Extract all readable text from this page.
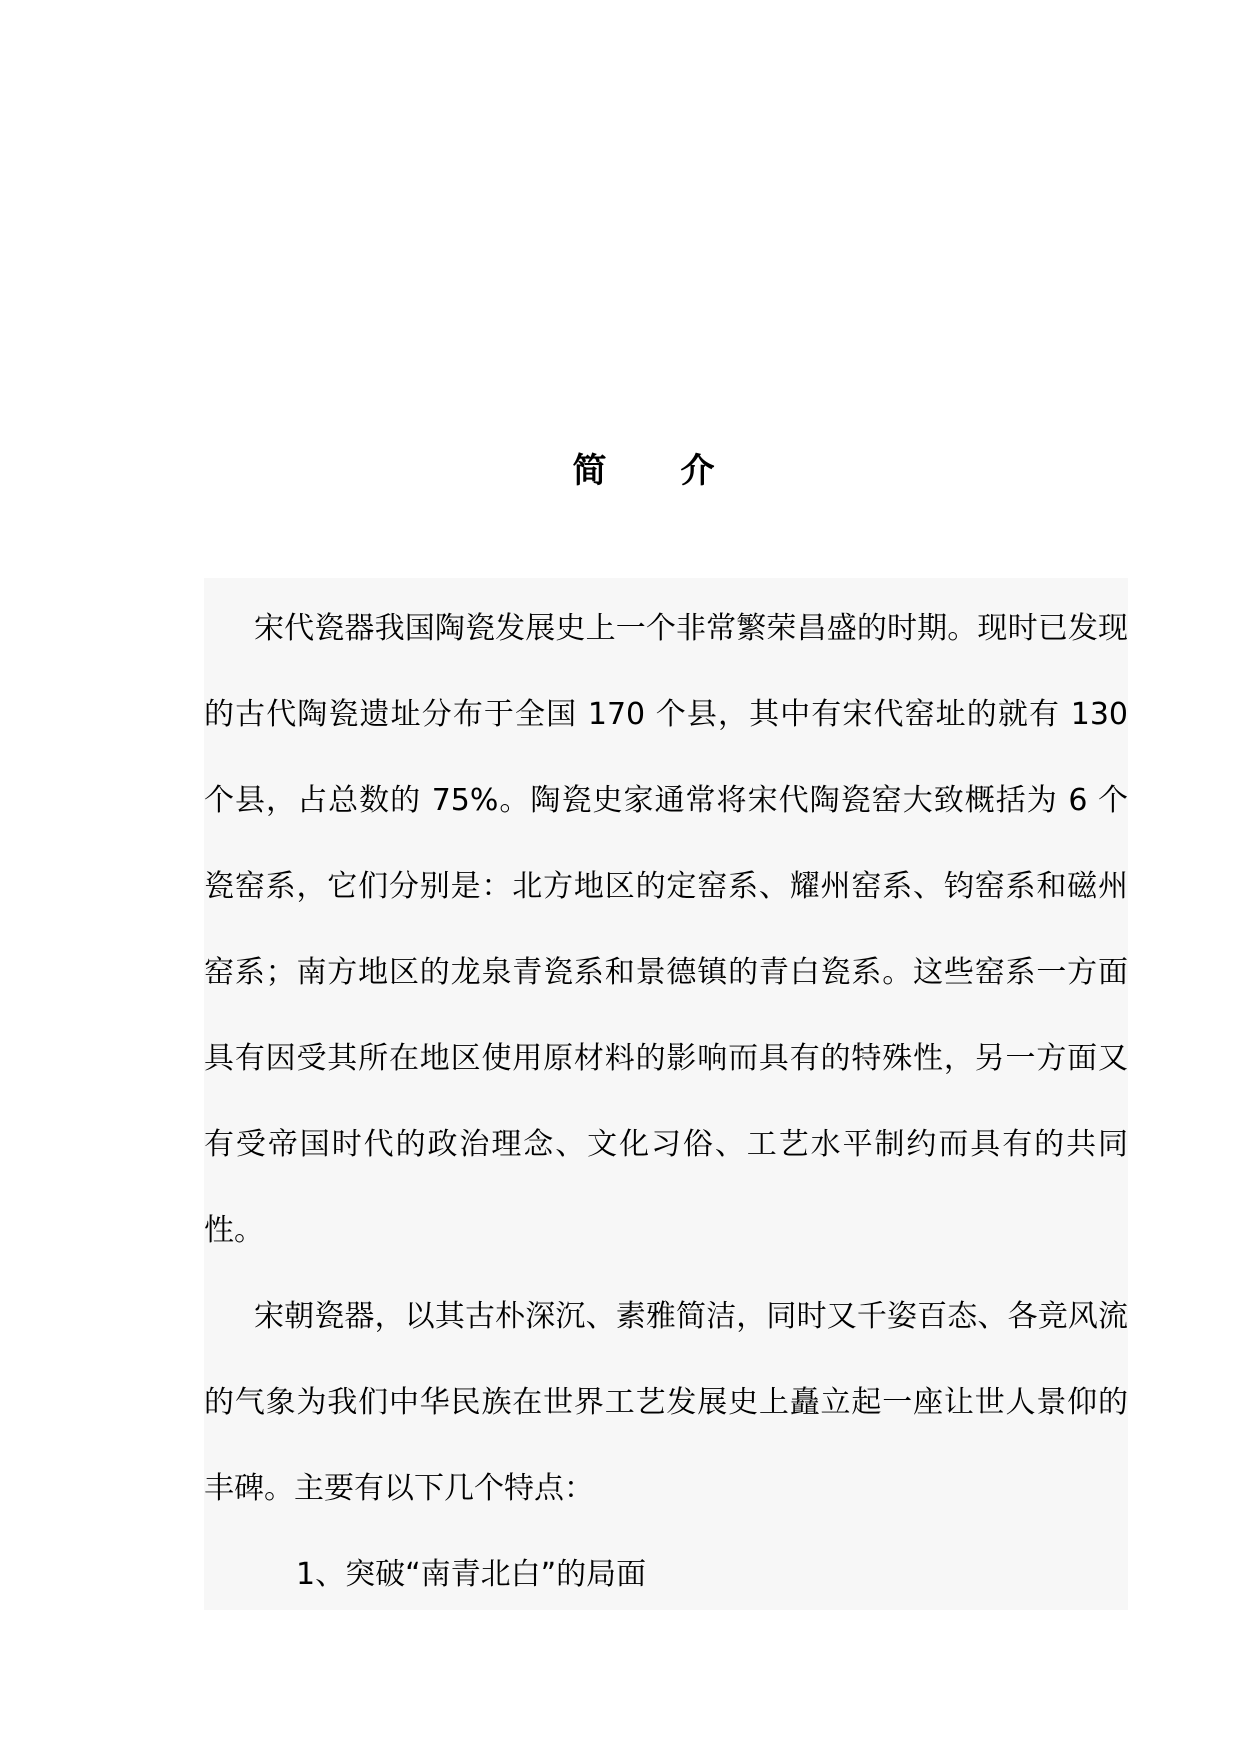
简　　介

宋代瓷器我国陶瓷发展史上一个非常繁荣昌盛的时期。现时已发现的古代陶瓷遗址分布于全国 170 个县，其中有宋代窑址的就有 130 个县，占总数的 75%。陶瓷史家通常将宋代陶瓷窑大致概括为 6 个瓷窑系，它们分别是：北方地区的定窑系、耀州窑系、钧窑系和磁州窑系；南方地区的龙泉青瓷系和景德镇的青白瓷系。这些窑系一方面具有因受其所在地区使用原材料的影响而具有的特殊性，另一方面又有受帝国时代的政治理念、文化习俗、工艺水平制约而具有的共同性。

宋朝瓷器，以其古朴深沉、素雅简洁，同时又千姿百态、各竞风流的气象为我们中华民族在世界工艺发展史上矗立起一座让世人景仰的丰碑。主要有以下几个特点：

1、突破“南青北白”的局面
